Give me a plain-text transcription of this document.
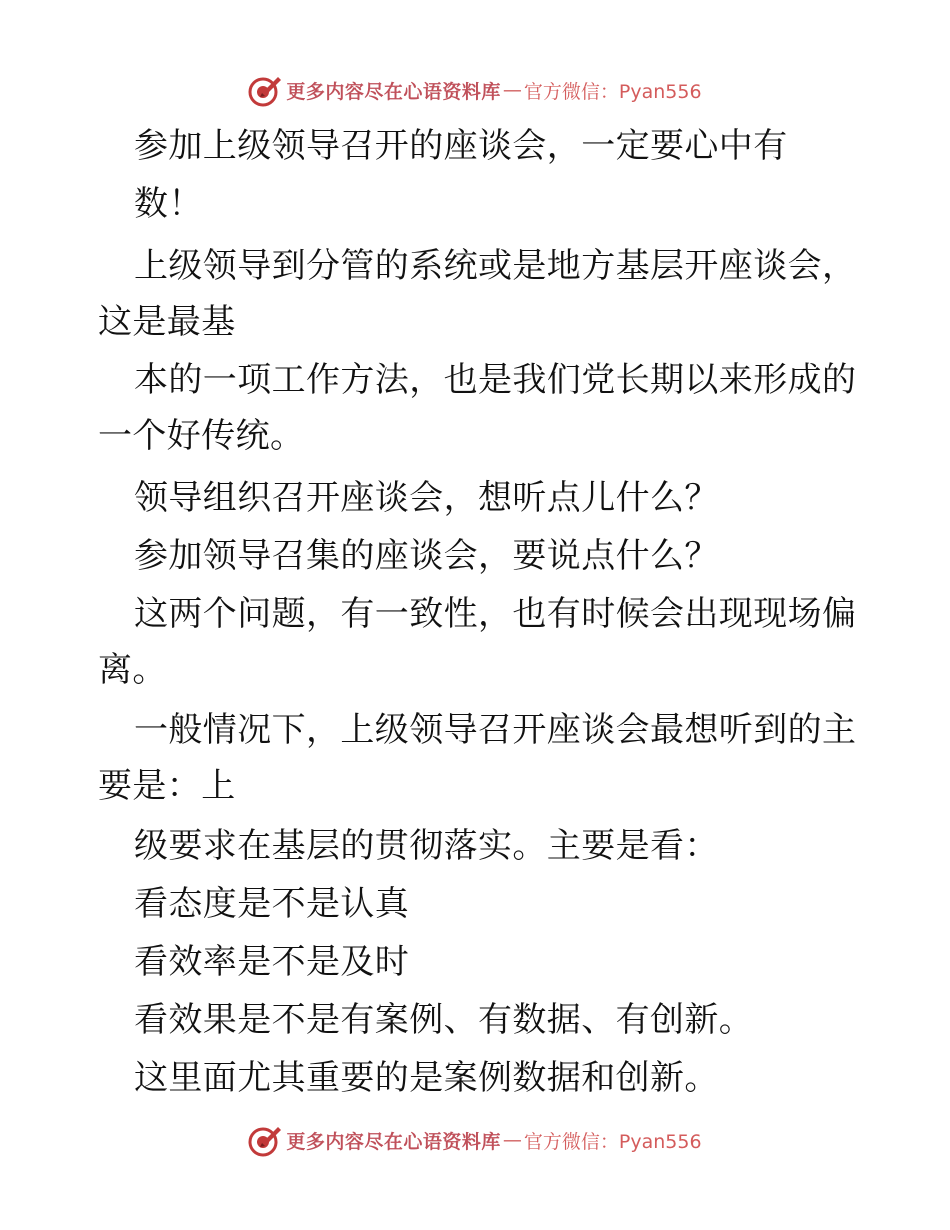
更多内容尽在心语资料库 — 官方微信：Pyan556
参加上级领导召开的座谈会，一定要心中有
数！
上级领导到分管的系统或是地方基层开座谈会，
这是最基
本的一项工作方法，也是我们党长期以来形成的
一个好传统。
领导组织召开座谈会，想听点儿什么？
参加领导召集的座谈会，要说点什么？
这两个问题，有一致性，也有时候会出现现场偏
离。
一般情况下，上级领导召开座谈会最想听到的主
要是：上
级要求在基层的贯彻落实。主要是看：
看态度是不是认真
看效率是不是及时
看效果是不是有案例、有数据、有创新。
这里面尤其重要的是案例数据和创新。
更多内容尽在心语资料库 — 官方微信：Pyan556
